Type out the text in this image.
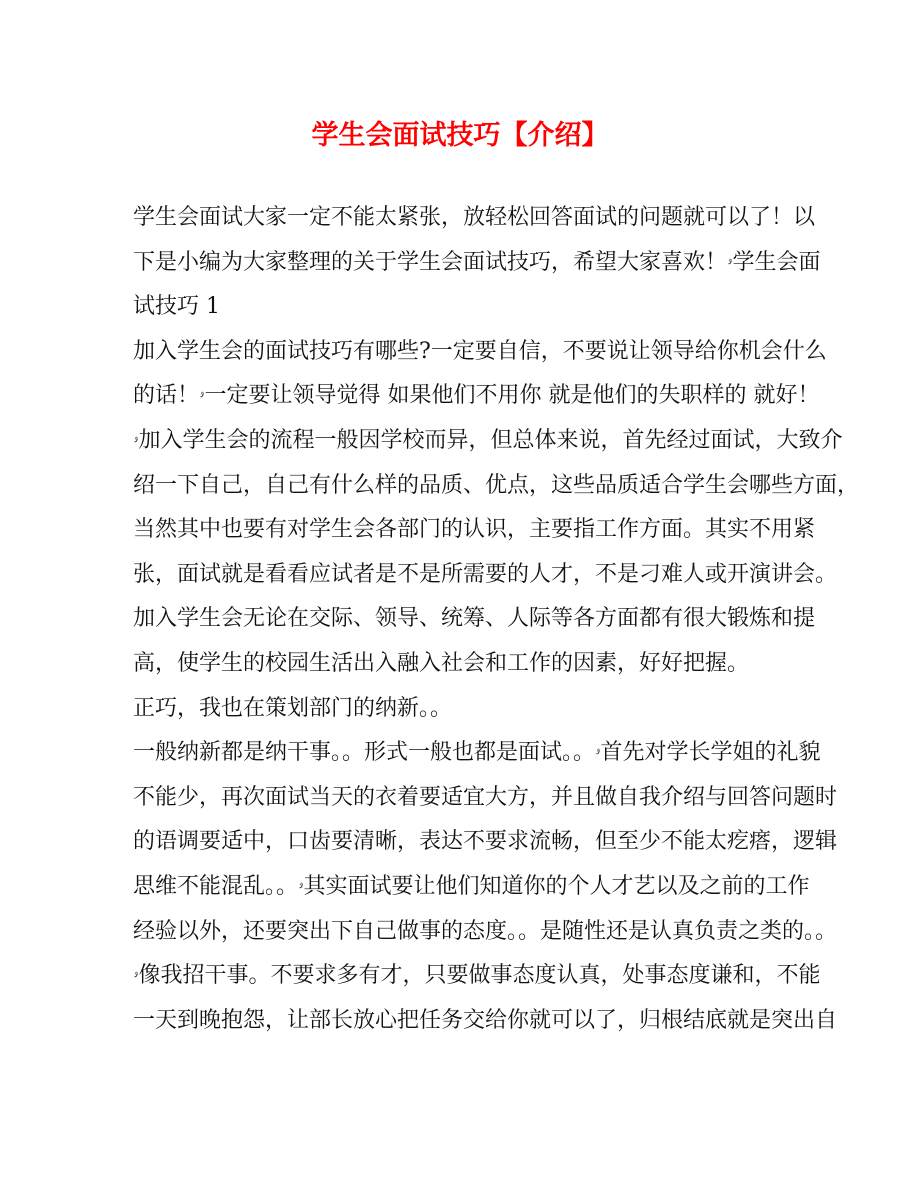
学生会面试技巧【介绍】

学生会面试大家一定不能太紧张，放轻松回答面试的问题就可以了！以
下是小编为大家整理的关于学生会面试技巧，希望大家喜欢！ۥ学生会面
试技巧 1

加入学生会的面试技巧有哪些?一定要自信，不要说让领导给你机会什么
的话！ۥ一定要让领导觉得 如果他们不用你 就是他们的失职样的 就好！
ۥ加入学生会的流程一般因学校而异，但总体来说，首先经过面试，大致介
绍一下自己，自己有什么样的品质、优点，这些品质适合学生会哪些方面，
当然其中也要有对学生会各部门的认识，主要指工作方面。其实不用紧
张，面试就是看看应试者是不是所需要的人才，不是刁难人或开演讲会。
加入学生会无论在交际、领导、统筹、人际等各方面都有很大锻炼和提
高，使学生的校园生活出入融入社会和工作的因素，好好把握。

正巧，我也在策划部门的纳新。。

一般纳新都是纳干事。。形式一般也都是面试。。ۥ首先对学长学姐的礼貌
不能少，再次面试当天的衣着要适宜大方，并且做自我介绍与回答问题时
的语调要适中，口齿要清晰，表达不要求流畅，但至少不能太疙瘩，逻辑
思维不能混乱。。ۥ其实面试要让他们知道你的个人才艺以及之前的工作
经验以外，还要突出下自己做事的态度。。是随性还是认真负责之类的。。
ۥ像我招干事。不要求多有才，只要做事态度认真，处事态度谦和，不能
一天到晚抱怨，让部长放心把任务交给你就可以了，归根结底就是突出自
